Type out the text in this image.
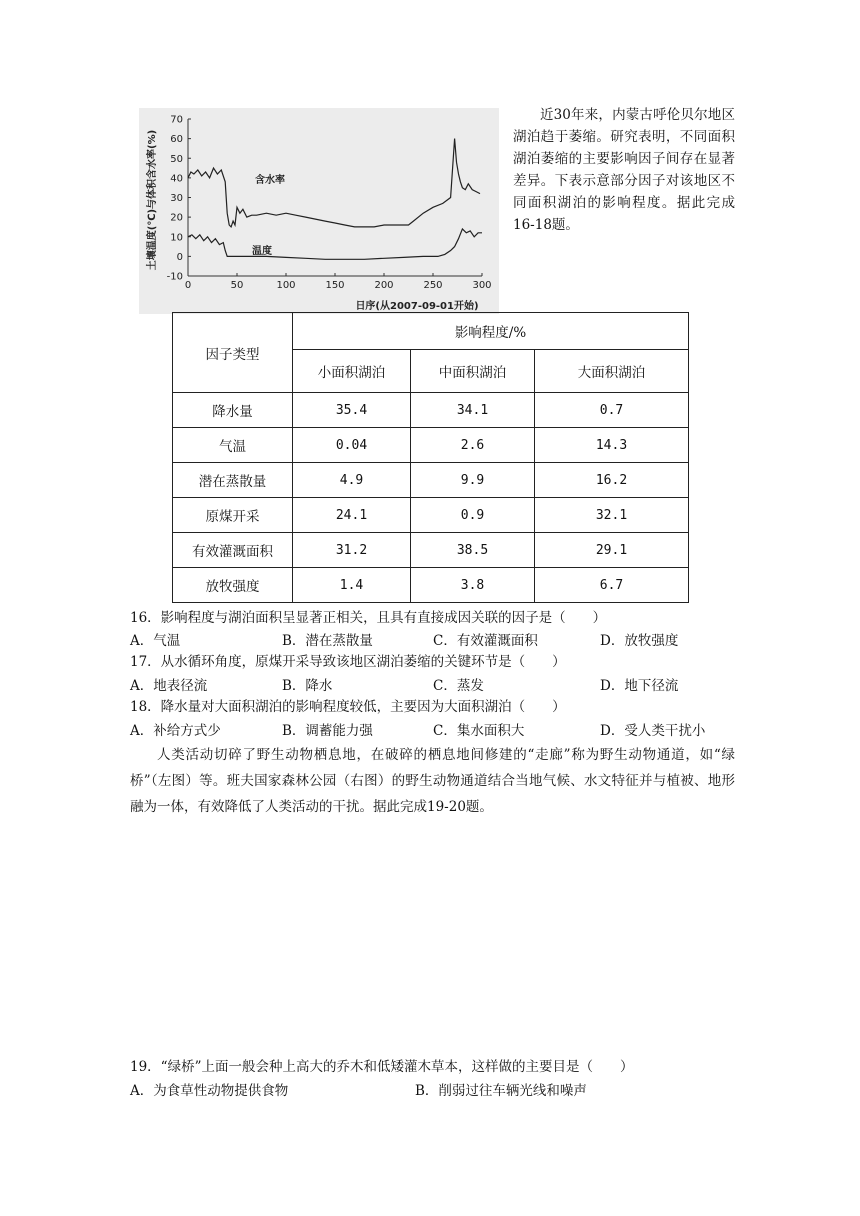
0	50	100	150	200	250	300
70
60
50
40
30
20
10
0
-10
土壤温度(℃)与体积含水率(%)
日序(从2007-09-01开始)
含水率
温度
近30年来，内蒙古呼伦贝尔地区湖泊趋于萎缩。研究表明，不同面积湖泊萎缩的主要影响因子间存在显著差异。下表示意部分因子对该地区不同面积湖泊的影响程度。据此完成16-18题。
因子类型	影响程度/%		
	小面积湖泊	中面积湖泊	大面积湖泊
降水量	35.4	34.1	0.7
气温	0.04	2.6	14.3
潜在蒸散量	4.9	9.9	16.2
原煤开采	24.1	0.9	32.1
有效灌溉面积	31.2	38.5	29.1
放牧强度	1.4	3.8	6.7
16．影响程度与湖泊面积呈显著正相关，且具有直接成因关联的因子是（　　）
A．气温	B．潜在蒸散量	C．有效灌溉面积	D．放牧强度
17．从水循环角度，原煤开采导致该地区湖泊萎缩的关键环节是（　　）
A．地表径流	B．降水	C．蒸发	D．地下径流
18．降水量对大面积湖泊的影响程度较低，主要因为大面积湖泊（　　）
A．补给方式少	B．调蓄能力强	C．集水面积大	D．受人类干扰小
人类活动切碎了野生动物栖息地，在破碎的栖息地间修建的“走廊”称为野生动物通道，如“绿桥”（左图）等。班夫国家森林公园（右图）的野生动物通道结合当地气候、水文特征并与植被、地形融为一体，有效降低了人类活动的干扰。据此完成19-20题。
19．“绿桥”上面一般会种上高大的乔木和低矮灌木草本，这样做的主要目是（　　）
A．为食草性动物提供食物	B．削弱过往车辆光线和噪声
